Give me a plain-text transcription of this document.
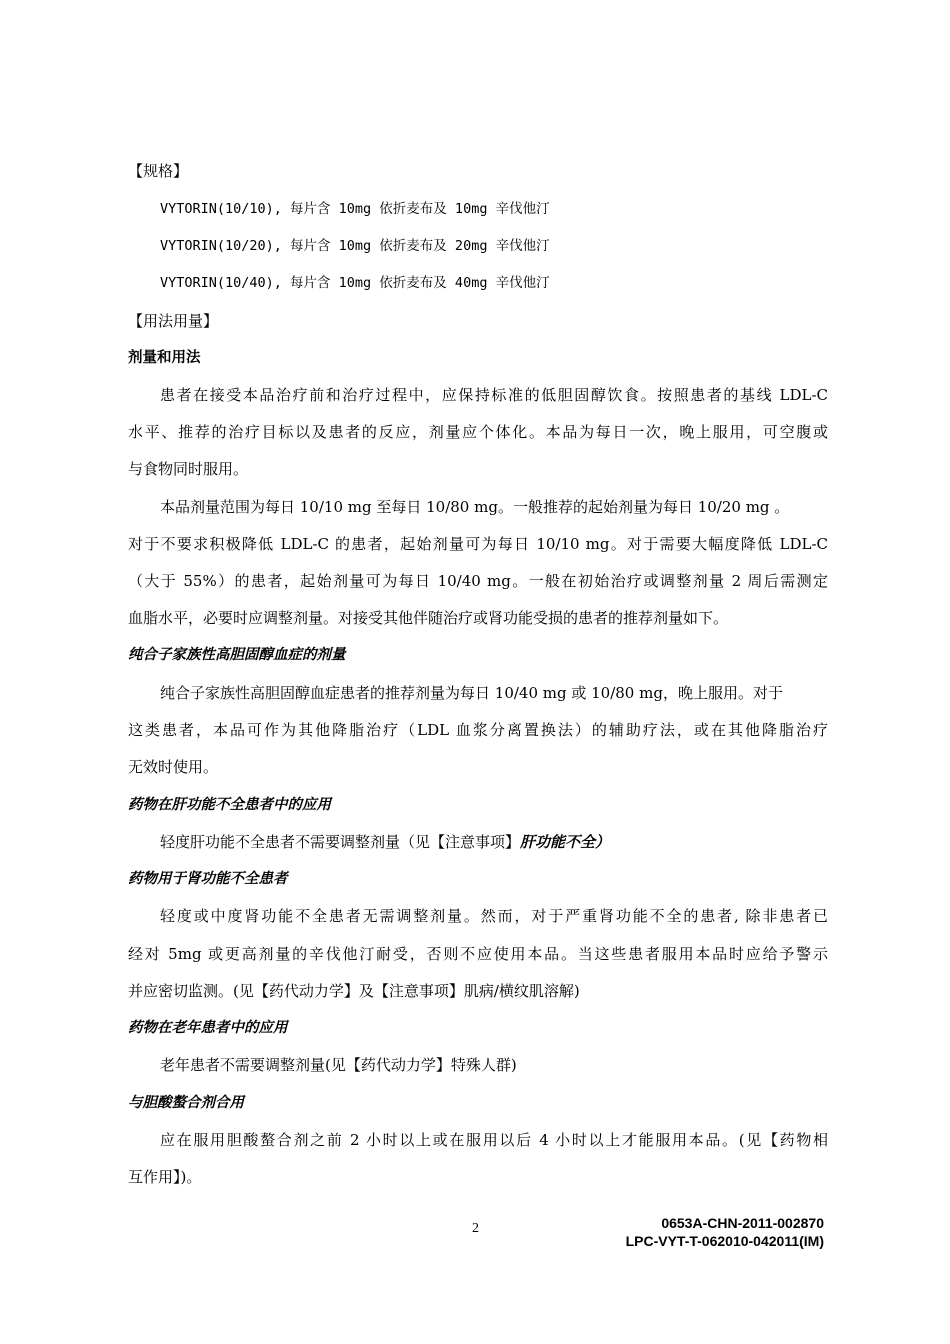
【规格】
VYTORIN(10/10), 每片含 10mg 依折麦布及 10mg 辛伐他汀
VYTORIN(10/20), 每片含 10mg 依折麦布及 20mg 辛伐他汀
VYTORIN(10/40), 每片含 10mg 依折麦布及 40mg 辛伐他汀
【用法用量】
剂量和用法
患者在接受本品治疗前和治疗过程中，应保持标准的低胆固醇饮食。按照患者的基线 LDL-C
水平、推荐的治疗目标以及患者的反应，剂量应个体化。本品为每日一次，晚上服用，可空腹或
与食物同时服用。
本品剂量范围为每日 10/10 mg 至每日 10/80 mg。一般推荐的起始剂量为每日 10/20 mg 。
对于不要求积极降低 LDL-C 的患者，起始剂量可为每日 10/10 mg。对于需要大幅度降低 LDL-C
（大于 55%）的患者，起始剂量可为每日 10/40 mg。一般在初始治疗或调整剂量 2 周后需测定
血脂水平，必要时应调整剂量。对接受其他伴随治疗或肾功能受损的患者的推荐剂量如下。
纯合子家族性高胆固醇血症的剂量
纯合子家族性高胆固醇血症患者的推荐剂量为每日 10/40 mg 或 10/80 mg，晚上服用。对于
这类患者，本品可作为其他降脂治疗（LDL 血浆分离置换法）的辅助疗法，或在其他降脂治疗
无效时使用。
药物在肝功能不全患者中的应用
轻度肝功能不全患者不需要调整剂量（见【注意事项】肝功能不全）
药物用于肾功能不全患者
轻度或中度肾功能不全患者无需调整剂量。然而，对于严重肾功能不全的患者, 除非患者已
经对 5mg 或更高剂量的辛伐他汀耐受，否则不应使用本品。当这些患者服用本品时应给予警示
并应密切监测。(见【药代动力学】及【注意事项】肌病/横纹肌溶解)
药物在老年患者中的应用
老年患者不需要调整剂量(见【药代动力学】特殊人群)
与胆酸螯合剂合用
应在服用胆酸螯合剂之前 2 小时以上或在服用以后 4 小时以上才能服用本品。(见【药物相
互作用】)。
2	0653A-CHN-2011-002870
LPC-VYT-T-062010-042011(IM)
